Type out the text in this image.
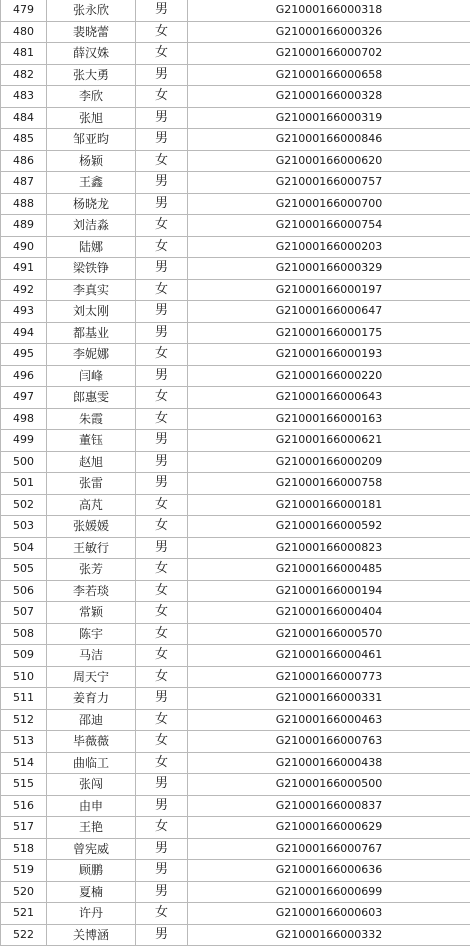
479	张永欣	男	G21000166000318
480	裴晓蕾	女	G21000166000326
481	薛汉姝	女	G21000166000702
482	张大勇	男	G21000166000658
483	李欣	女	G21000166000328
484	张旭	男	G21000166000319
485	邹亚昀	男	G21000166000846
486	杨颖	女	G21000166000620
487	王鑫	男	G21000166000757
488	杨晓龙	男	G21000166000700
489	刘洁淼	女	G21000166000754
490	陆娜	女	G21000166000203
491	梁铁铮	男	G21000166000329
492	李真实	女	G21000166000197
493	刘太刚	男	G21000166000647
494	都基业	男	G21000166000175
495	李妮娜	女	G21000166000193
496	闫峰	男	G21000166000220
497	郎惠雯	女	G21000166000643
498	朱霞	女	G21000166000163
499	董钰	男	G21000166000621
500	赵旭	男	G21000166000209
501	张雷	男	G21000166000758
502	高芃	女	G21000166000181
503	张媛媛	女	G21000166000592
504	王敏行	男	G21000166000823
505	张芳	女	G21000166000485
506	李若琰	女	G21000166000194
507	常颖	女	G21000166000404
508	陈宇	女	G21000166000570
509	马洁	女	G21000166000461
510	周天宁	女	G21000166000773
511	姜育力	男	G21000166000331
512	邵迪	女	G21000166000463
513	毕薇薇	女	G21000166000763
514	曲临工	女	G21000166000438
515	张闯	男	G21000166000500
516	由申	男	G21000166000837
517	王艳	女	G21000166000629
518	曾宪威	男	G21000166000767
519	顾鹏	男	G21000166000636
520	夏楠	男	G21000166000699
521	许丹	女	G21000166000603
522	关博涵	男	G21000166000332
